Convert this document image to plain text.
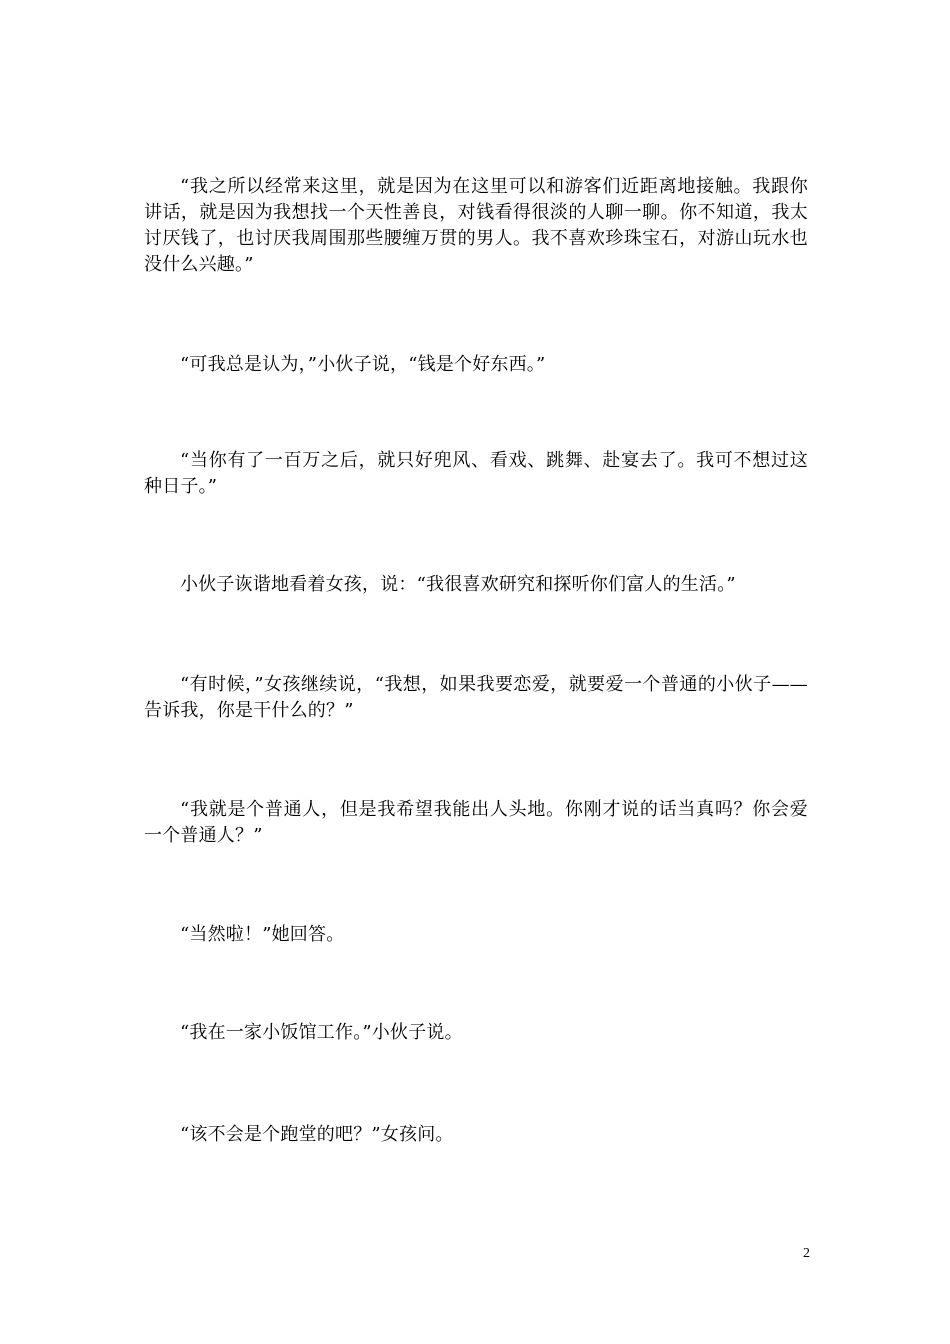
“我之所以经常来这里，就是因为在这里可以和游客们近距离地接触。我跟你讲话，就是因为我想找一个天性善良，对钱看得很淡的人聊一聊。你不知道，我太讨厌钱了，也讨厌我周围那些腰缠万贯的男人。我不喜欢珍珠宝石，对游山玩水也没什么兴趣。”

“可我总是认为，”小伙子说，“钱是个好东西。”

“当你有了一百万之后，就只好兜风、看戏、跳舞、赴宴去了。我可不想过这种日子。”

小伙子诙谐地看着女孩，说：“我很喜欢研究和探听你们富人的生活。”

“有时候，”女孩继续说，“我想，如果我要恋爱，就要爱一个普通的小伙子——告诉我，你是干什么的？”

“我就是个普通人，但是我希望我能出人头地。你刚才说的话当真吗？你会爱一个普通人？”

“当然啦！”她回答。

“我在一家小饭馆工作。”小伙子说。

“该不会是个跑堂的吧？”女孩问。

2
